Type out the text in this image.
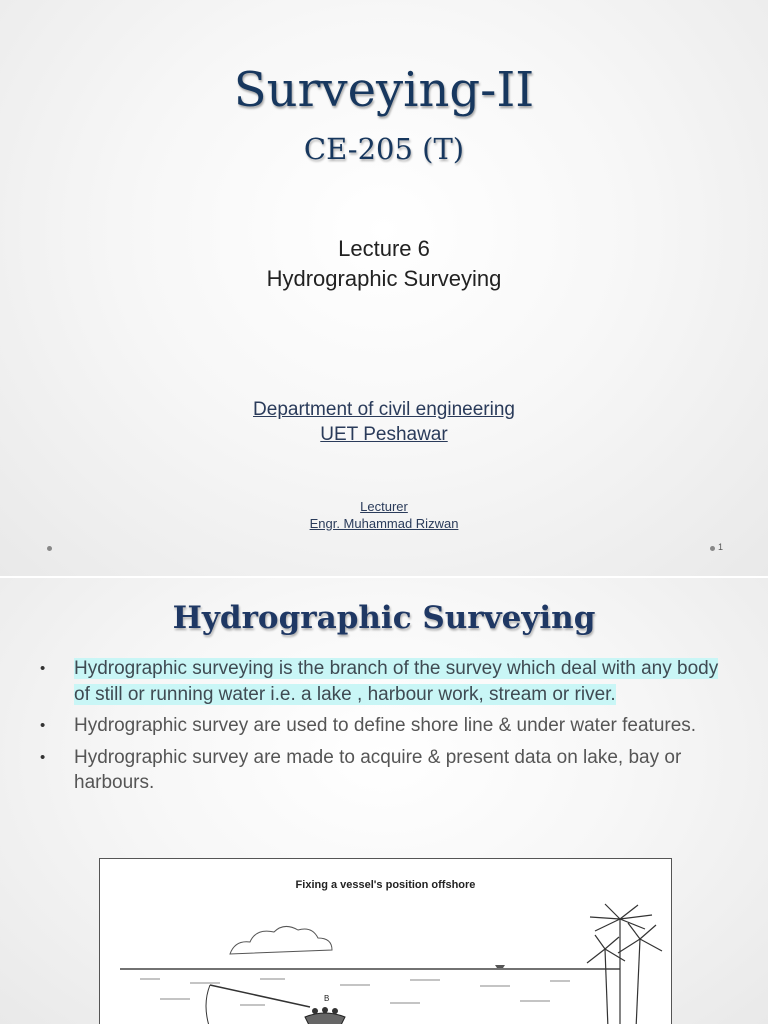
Surveying-II
CE-205 (T)
Lecture 6
Hydrographic Surveying
Department of civil engineering
UET Peshawar
Lecturer
Engr. Muhammad Rizwan
1
Hydrographic Surveying
• Hydrographic surveying is the branch of the survey which deal with any body of still or running water i.e. a lake , harbour work, stream or river.
• Hydrographic survey are used to define shore line & under water features.
• Hydrographic survey are made to acquire & present data on lake, bay or harbours.
B
Fixing a vessel's position offshore
